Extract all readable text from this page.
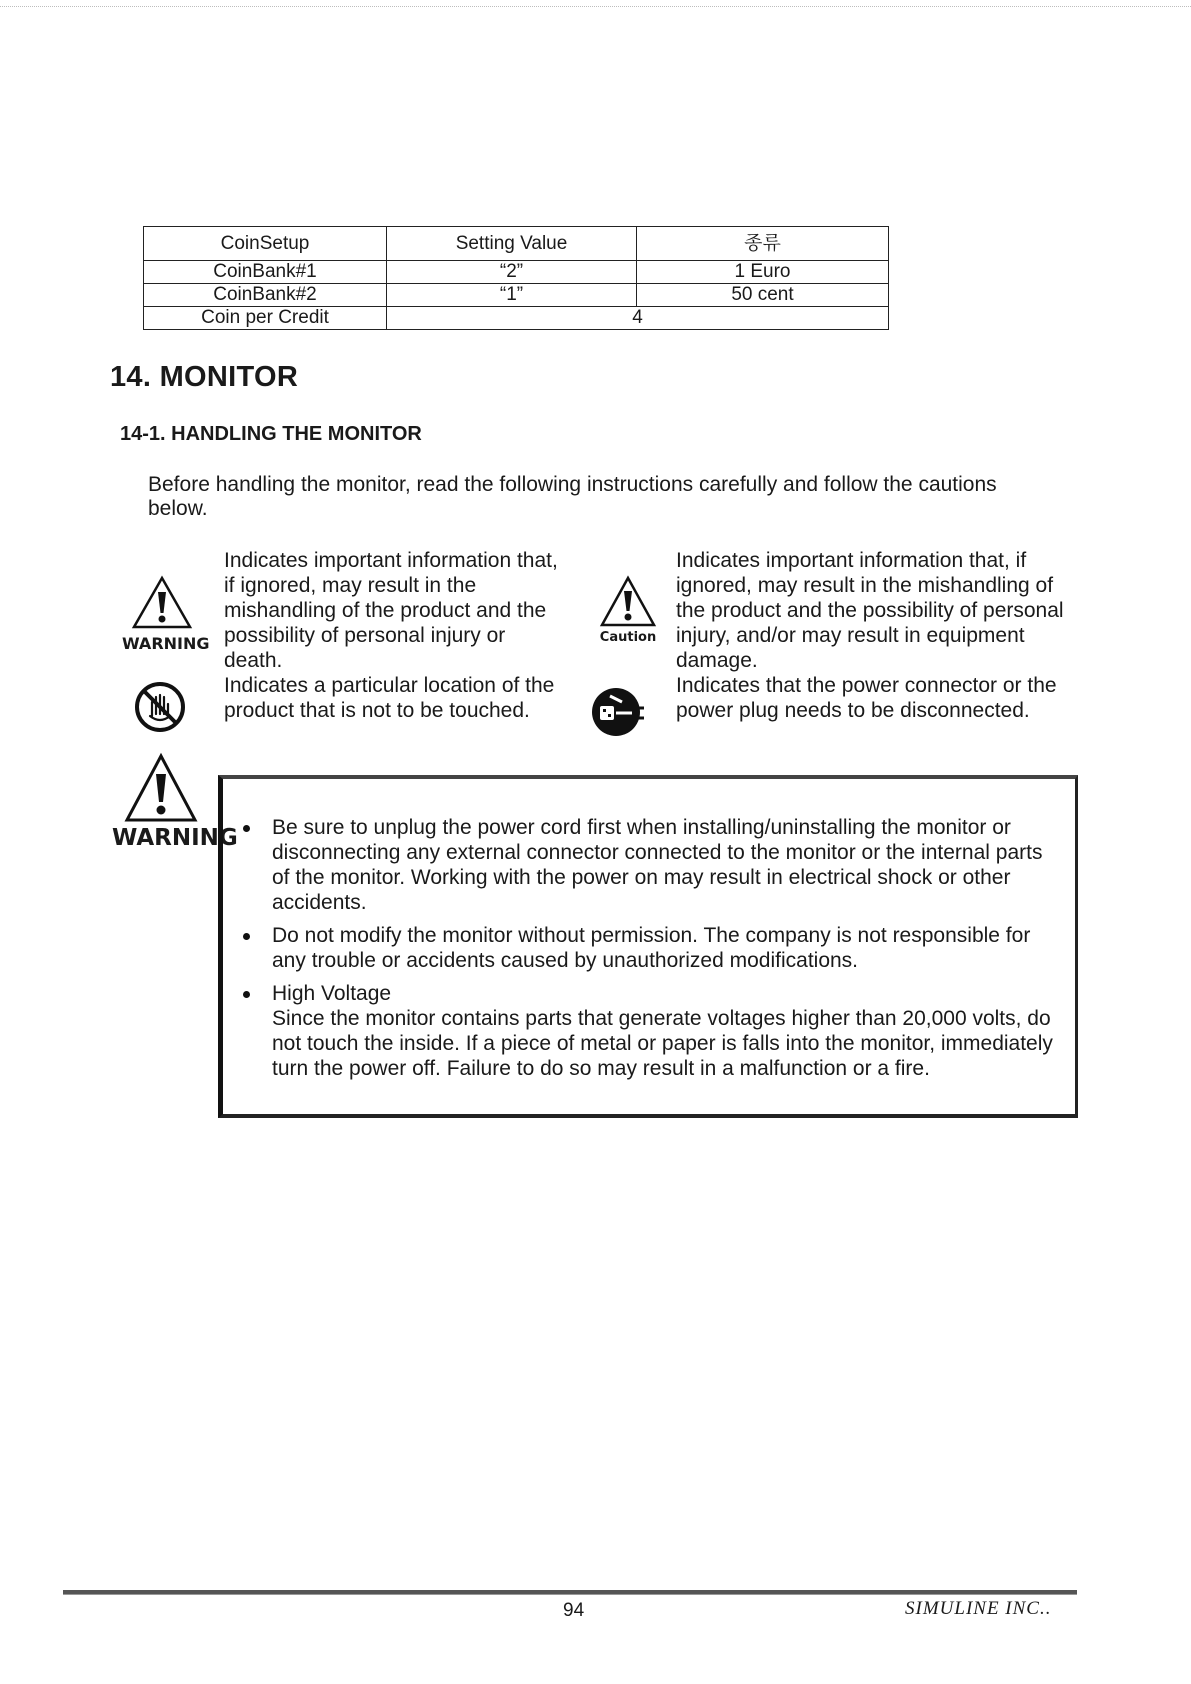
CoinSetup	Setting Value	종류
CoinBank#1	“2”	1 Euro
CoinBank#2	“1”	50 cent
Coin per Credit	4	
14. MONITOR
14-1. HANDLING THE MONITOR
Before handling the monitor, read the following instructions carefully and follow the cautions below.
WARNING
Indicates important information that, if ignored, may result in the mishandling of the product and the possibility of personal injury or death.
Caution
Indicates important information that, if ignored, may result in the mishandling of the product and the possibility of personal injury, and/or may result in equipment damage.
Indicates a particular location of the product that is not to be touched.
Indicates that the power connector or the power plug needs to be disconnected.
WARNING	Be sure to unplug the power cord first when installing/uninstalling the monitor or disconnecting any external connector connected to the monitor or the internal parts of the monitor. Working with the power on may result in electrical shock or other accidents.
Do not modify the monitor without permission. The company is not responsible for any trouble or accidents caused by unauthorized modifications.
High Voltage
Since the monitor contains parts that generate voltages higher than 20,000 volts, do not touch the inside. If a piece of metal or paper is falls into the monitor, immediately turn the power off. Failure to do so may result in a malfunction or a fire.
94	SIMULINE INC..
